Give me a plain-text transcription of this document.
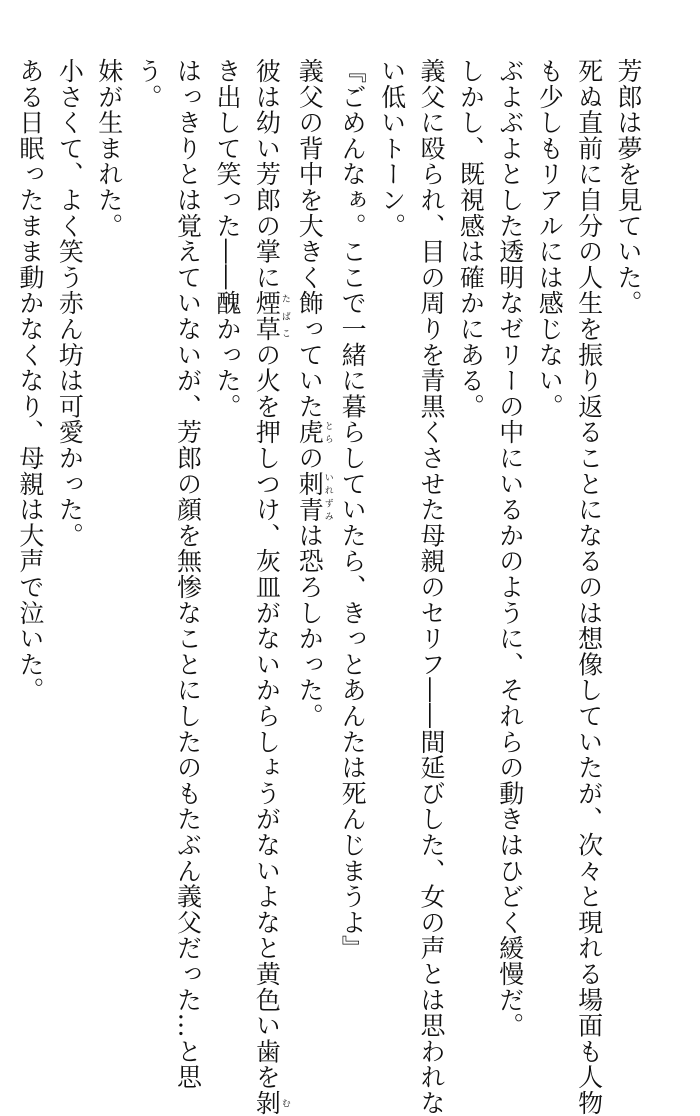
芳郎は夢を見ていた。

死ぬ直前に自分の人生を振り返ることになるのは想像していたが、次々と現れる場面も人物

も少しもリアルには感じない。

ぶよぶよとした透明なゼリーの中にいるかのように、それらの動きはひどく緩慢だ。

しかし、既視感は確かにある。

義父に殴られ、目の周りを青黒くさせた母親のセリフ――間延びした、女の声とは思われな

い低いトーン。

『ごめんなぁ。ここで一緒に暮らしていたら、きっとあんたは死んじまうよ』

義父の背中を大きく飾っていた虎とらの刺青いれずみは恐ろしかった。

彼は幼い芳郎の掌に煙草たばこの火を押しつけ、灰皿がないからしょうがないよなと黄色い歯を剝む

き出して笑った――醜かった。

はっきりとは覚えていないが、芳郎の顔を無惨なことにしたのもたぶん義父だった…と思

う。

妹が生まれた。

小さくて、よく笑う赤ん坊は可愛かった。

ある日眠ったまま動かなくなり、母親は大声で泣いた。
